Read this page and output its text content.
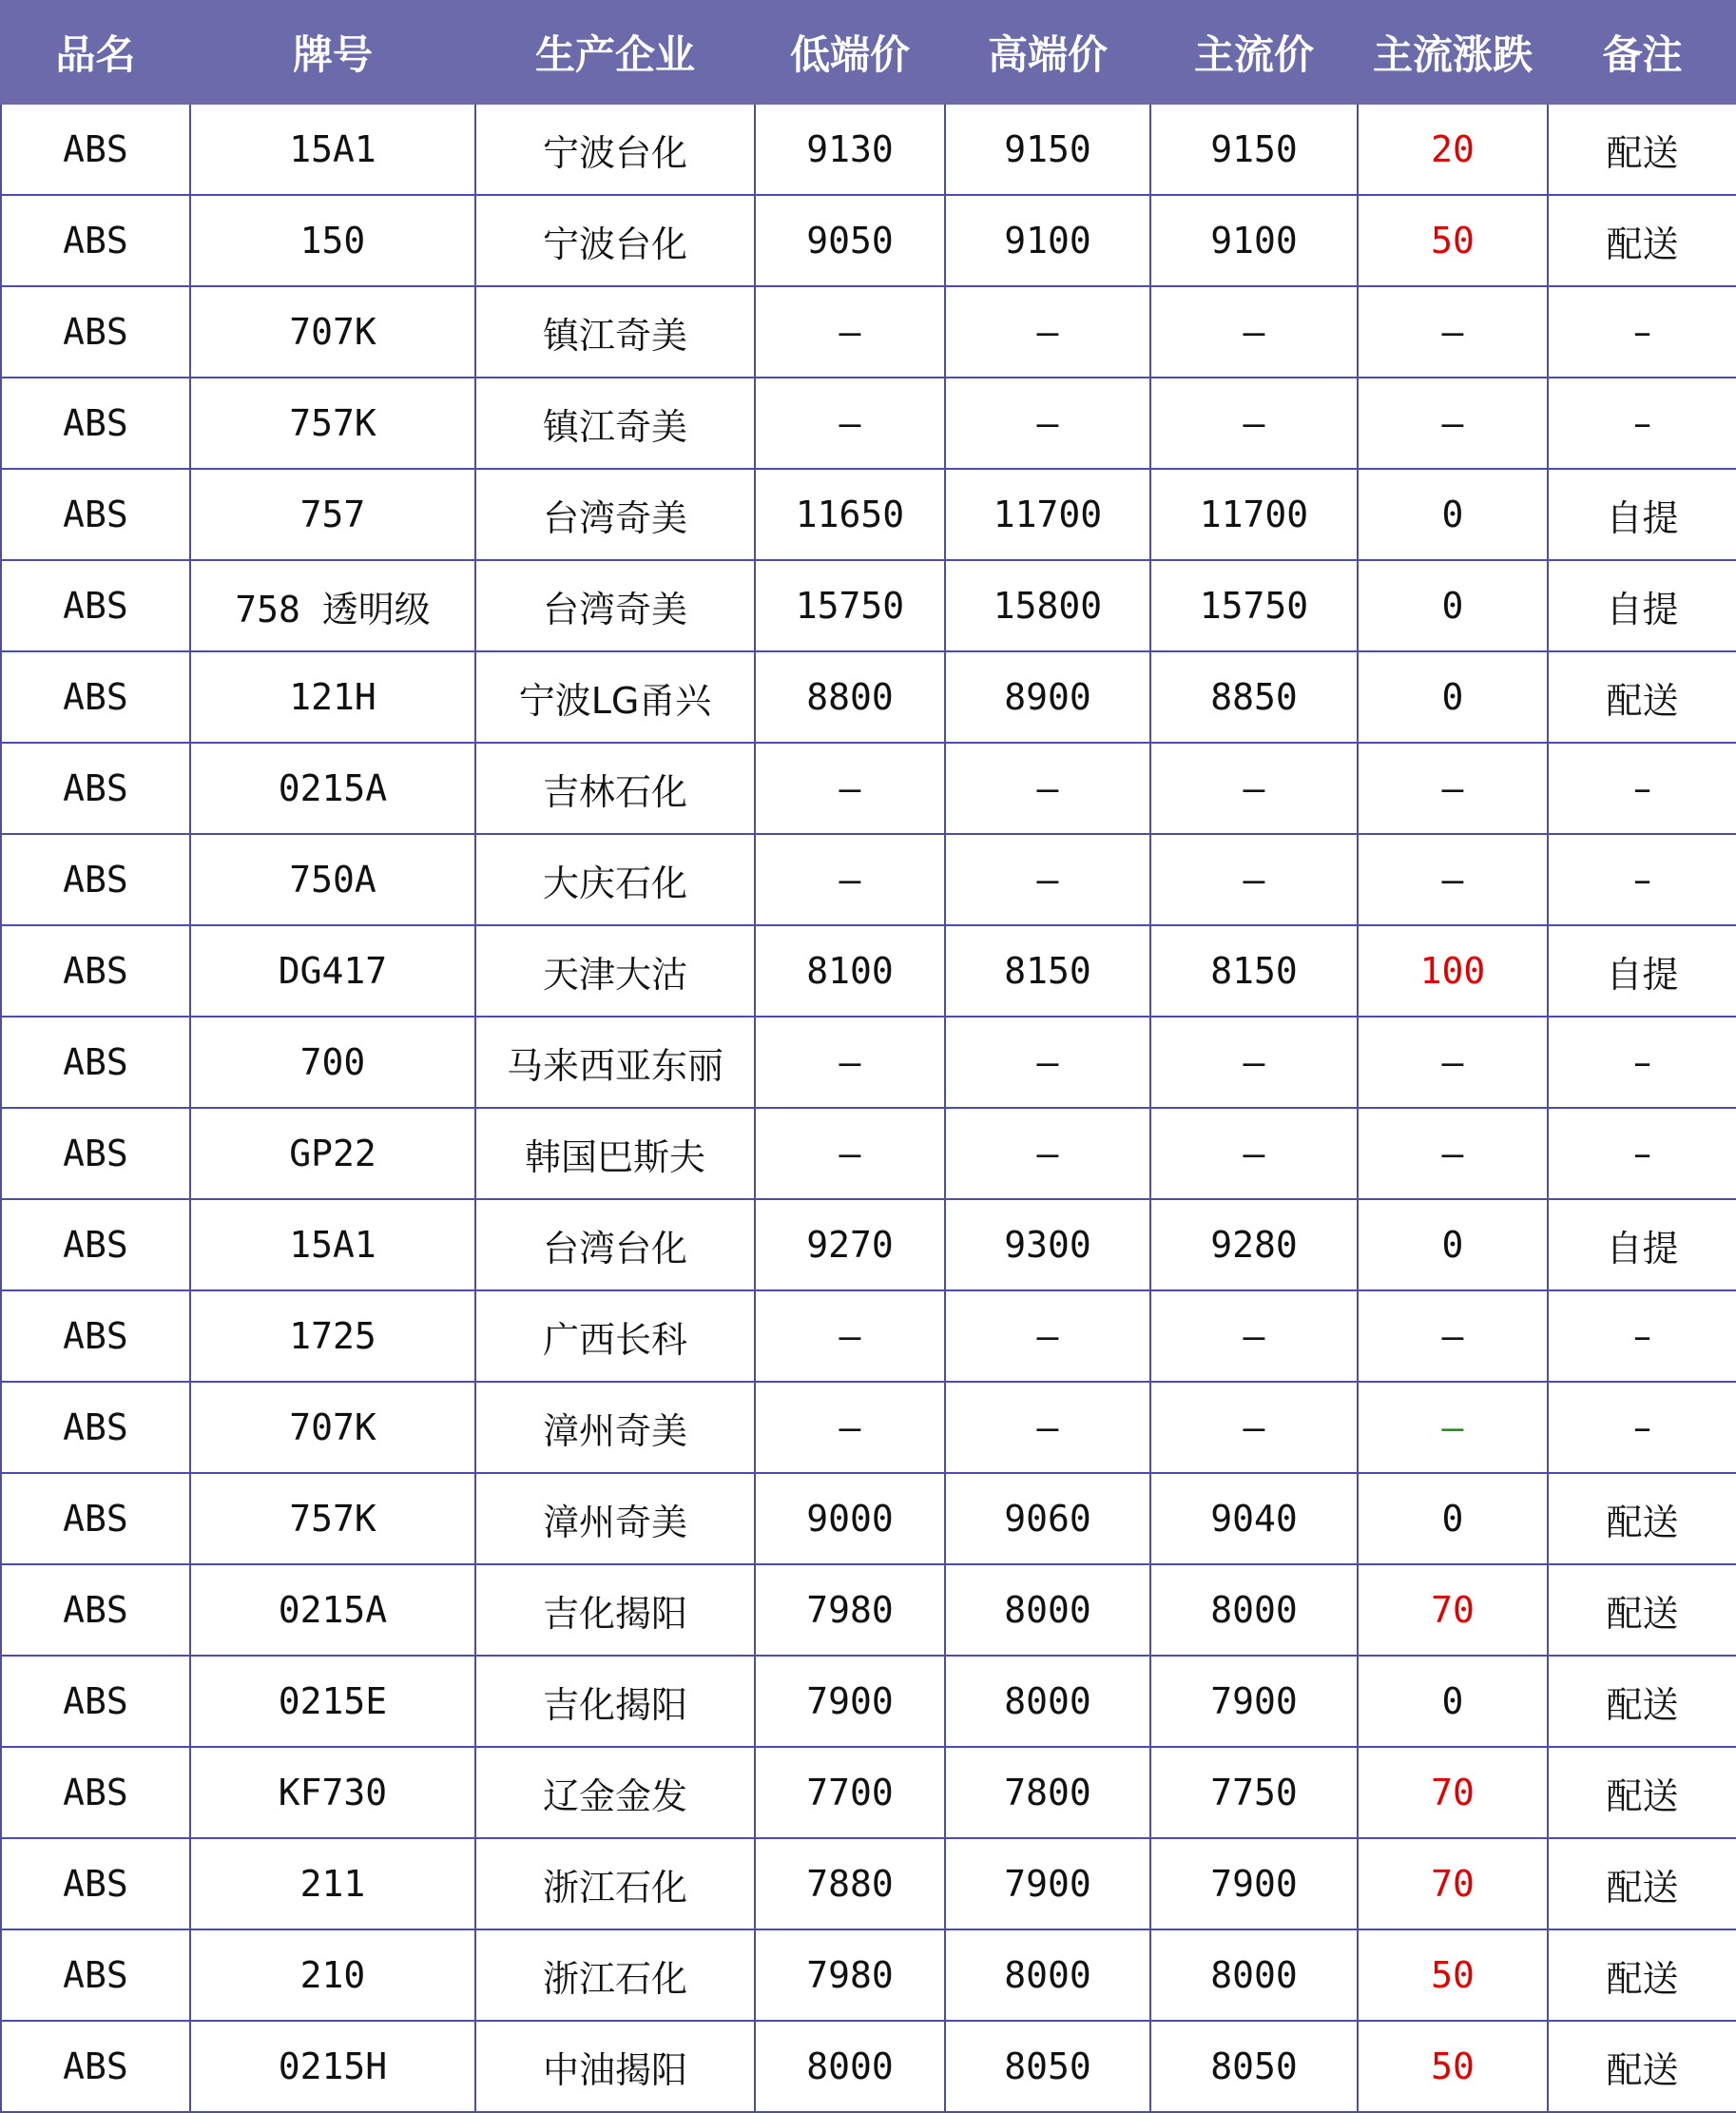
品名	牌号	生产企业	低端价	高端价	主流价	主流涨跌	备注
ABS	15A1	宁波台化	9130	9150	9150	20	配送
ABS	150	宁波台化	9050	9100	9100	50	配送
ABS	707K	镇江奇美	–	–	–	–	–
ABS	757K	镇江奇美	–	–	–	–	–
ABS	757	台湾奇美	11650	11700	11700	0	自提
ABS	758 透明级	台湾奇美	15750	15800	15750	0	自提
ABS	121H	宁波LG甬兴	8800	8900	8850	0	配送
ABS	0215A	吉林石化	–	–	–	–	–
ABS	750A	大庆石化	–	–	–	–	–
ABS	DG417	天津大沽	8100	8150	8150	100	自提
ABS	700	马来西亚东丽	–	–	–	–	–
ABS	GP22	韩国巴斯夫	–	–	–	–	–
ABS	15A1	台湾台化	9270	9300	9280	0	自提
ABS	1725	广西长科	–	–	–	–	–
ABS	707K	漳州奇美	–	–	–	–	–
ABS	757K	漳州奇美	9000	9060	9040	0	配送
ABS	0215A	吉化揭阳	7980	8000	8000	70	配送
ABS	0215E	吉化揭阳	7900	8000	7900	0	配送
ABS	KF730	辽金金发	7700	7800	7750	70	配送
ABS	211	浙江石化	7880	7900	7900	70	配送
ABS	210	浙江石化	7980	8000	8000	50	配送
ABS	0215H	中油揭阳	8000	8050	8050	50	配送
